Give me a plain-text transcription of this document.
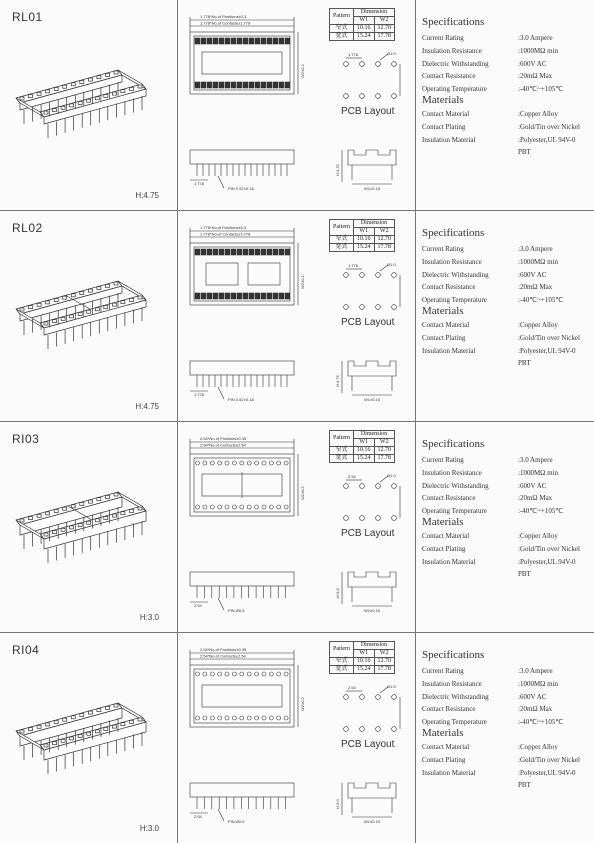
RL01
H:4.75
1.778*No.of Positions±0.3
1.778*No.of Contacts±1.778
W2±0.2
1.778
PIN 0.52×0.18	W1±0.15
H:4.75
Ø1.0
1.778
Pattern	Dimension	
	W1	W2
窄式	10.16	12.70
宽式	15.24	17.78
PCB Layout
Specifications
Current Rating	:3.0 Ampere
Insulation Resistance	:1000MΩ min
Dielectric Withstanding	:600V AC
Contact Resistance	:20mΩ Max
Operating Temperature	:-40℃~+105℃
Materials
Contact Material	:Copper Alloy
Contact Plating	:Gold/Tin over Nickel
Insulation Material	:Polyester,UL 94V-0
PBT
RL02
H:4.75
1.778*No.of Positions±0.3
1.778*No.of Contacts±1.778
W2±0.2
1.778
PIN 0.52×0.18	W1±0.15
H:4.75
Ø1.0
1.778
Pattern	Dimension	
	W1	W2
窄式	10.16	12.70
宽式	15.24	17.78
PCB Layout
Specifications
Current Rating	:3.0 Ampere
Insulation Resistance	:1000MΩ min
Dielectric Withstanding	:600V AC
Contact Resistance	:20mΩ Max
Operating Temperature	:-40℃~+105℃
Materials
Contact Material	:Copper Alloy
Contact Plating	:Gold/Tin over Nickel
Insulation Material	:Polyester,UL 94V-0
PBT
RI03
H:3.0
2.54*No.of Positions±0.35
2.54*No.of Contacts±2.54
W2±0.2
2.54
PIN Ø0.5	W1±0.15
H:3.0
Ø1.0
2.54
Pattern	Dimension	
	W1	W2
窄式	10.16	12.70
宽式	15.24	17.78
PCB Layout
Specifications
Current Rating	:3.0 Ampere
Insulation Resistance	:1000MΩ min
Dielectric Withstanding	:600V AC
Contact Resistance	:20mΩ Max
Operating Temperature	:-40℃~+105℃
Materials
Contact Material	:Copper Alloy
Contact Plating	:Gold/Tin over Nickel
Insulation Material	:Polyester,UL 94V-0
PBT
RI04
H:3.0
2.54*No.of Positions±0.35
2.54*No.of Contacts±2.54
W2±0.2
2.54
PIN Ø0.5	W1±0.15
H:3.0
Ø1.0
2.54
Pattern	Dimension	
	W1	W2
窄式	10.16	12.70
宽式	15.24	17.78
PCB Layout
Specifications
Current Rating	:3.0 Ampere
Insulation Resistance	:1000MΩ min
Dielectric Withstanding	:600V AC
Contact Resistance	:20mΩ Max
Operating Temperature	:-40℃~+105℃
Materials
Contact Material	:Copper Alloy
Contact Plating	:Gold/Tin over Nickel
Insulation Material	:Polyester,UL 94V-0
PBT
